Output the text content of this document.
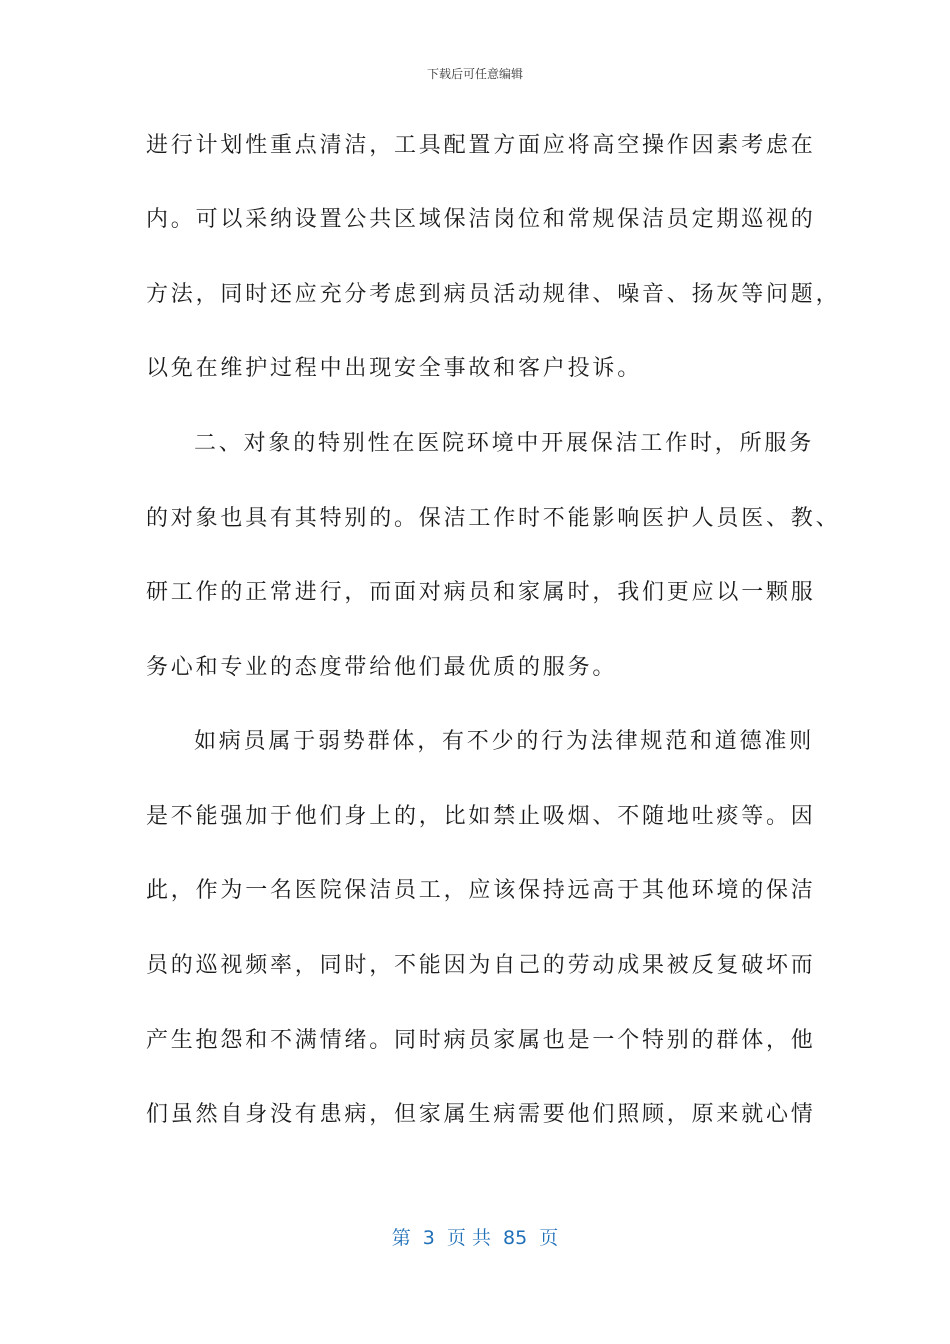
下载后可任意编辑
进行计划性重点清洁，工具配置方面应将高空操作因素考虑在
内。可以采纳设置公共区域保洁岗位和常规保洁员定期巡视的
方法，同时还应充分考虑到病员活动规律、噪音、扬灰等问题，
以免在维护过程中出现安全事故和客户投诉。
二、对象的特别性在医院环境中开展保洁工作时，所服务
的对象也具有其特别的。保洁工作时不能影响医护人员医、教、
研工作的正常进行，而面对病员和家属时，我们更应以一颗服
务心和专业的态度带给他们最优质的服务。
如病员属于弱势群体，有不少的行为法律规范和道德准则
是不能强加于他们身上的，比如禁止吸烟、不随地吐痰等。因
此，作为一名医院保洁员工，应该保持远高于其他环境的保洁
员的巡视频率，同时，不能因为自己的劳动成果被反复破坏而
产生抱怨和不满情绪。同时病员家属也是一个特别的群体，他
们虽然自身没有患病，但家属生病需要他们照顾，原来就心情
第  3  页 共  85  页
